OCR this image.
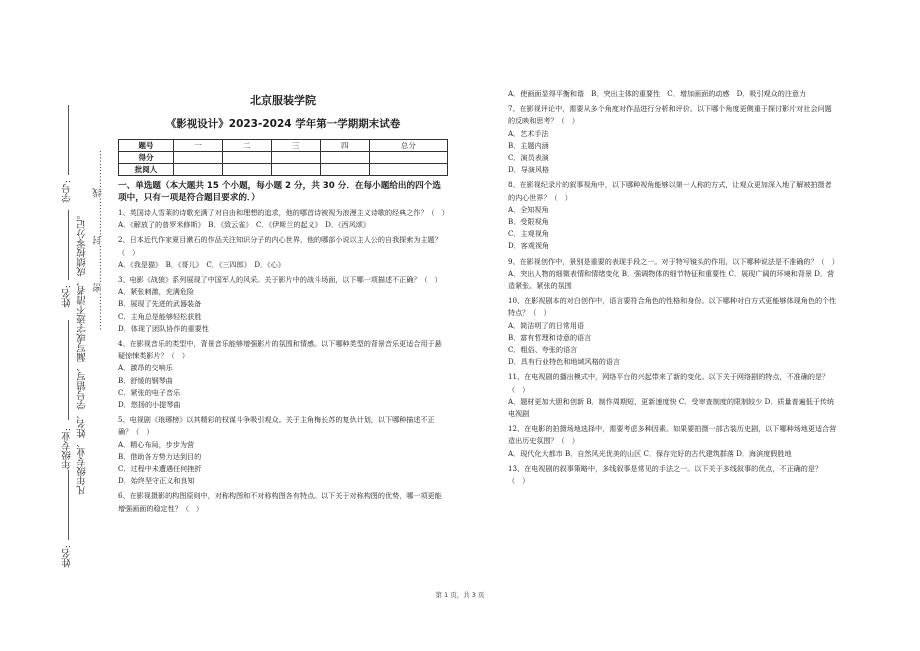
学号:
姓名:
年级专业:
姓名:
凡年级专业、姓名、学号错写、漏写或字迹不清者，成绩按零分记。 …………密…………封…………线…………
北京服装学院
《影视设计》2023-2024 学年第一学期期末试卷
题号	一	二	三	四	总分
得分					
批阅人					
一、单选题（本大题共 15 个小题，每小题 2 分，共 30 分．在每小题给出的四个选项中，只有一项是符合题目要求的．）

1、英国诗人雪莱的诗歌充满了对自由和理想的追求，他的哪首诗被视为浪漫主义诗歌的经典之作？（　）

A．《解放了的普罗米修斯》　B．《致云雀》　C．《伊斯兰的起义》　D．《西风颂》

2、日本近代作家夏目漱石的作品关注知识分子的内心世界，他的哪部小说以主人公的自我探索为主题？（　）

A．《我是猫》　B．《哥儿》　C．《三四郎》　D．《心》

3、电影《战狼》系列展现了中国军人的风采。关于影片中的战斗场面，以下哪一项描述不正确？（　）

A．紧张刺激，充满危险

B．展现了先进的武器装备

C．主角总是能够轻松获胜

D．体现了团队协作的重要性

4、在影视音乐的类型中，背景音乐能够增强影片的氛围和情感。以下哪种类型的背景音乐更适合用于悬疑惊悚类影片？（　）

A．激昂的交响乐

B．舒缓的钢琴曲

C．紧张的电子音乐

D．悠扬的小提琴曲

5、电视剧《琅琊榜》以其精彩的权谋斗争吸引观众。关于主角梅长苏的复仇计划，以下哪种描述不正确？（　）

A．精心布局，步步为营

B．借助各方势力达到目的

C．过程中未遭遇任何挫折

D．始终坚守正义和良知

6、在影视摄影的构图原则中，对称构图和不对称构图各有特点。以下关于对称构图的优势，哪一项更能增强画面的稳定性？（　）

A．使画面显得平衡和谐　B．突出主体的重要性　C．增加画面的动感　D．吸引观众的注意力

7、在影视评论中，需要从多个角度对作品进行分析和评价。以下哪个角度更侧重于探讨影片对社会问题的反映和思考？（　）

A．艺术手法

B．主题内涵

C．演员表演

D．导演风格

8、在影视纪录片的叙事视角中，以下哪种视角能够以第一人称的方式，让观众更加深入地了解被拍摄者的内心世界？（　）

A．全知视角

B．受限视角

C．主观视角

D．客观视角

9、在影视创作中，景别是重要的表现手段之一。对于特写镜头的作用，以下哪种说法是不准确的？（　）

A．突出人物的细微表情和情绪变化 B．强调物体的细节特征和重要性 C．展现广阔的环境和背景 D．营造紧张、紧张的氛围

10、在影视剧本的对白创作中，语言要符合角色的性格和身份。以下哪种对白方式更能够体现角色的个性特点？（　）

A．简洁明了的日常用语

B．富有哲理和诗意的语言

C．粗俗、夸张的语言

D．具有行业特色和地域风格的语言

11、在电视剧的播出模式中，网络平台的兴起带来了新的变化。以下关于网络剧的特点，不准确的是？（　）

A．题材更加大胆和创新 B．制作周期短，更新速度快 C．受审查制度的限制较少 D．质量普遍低于传统电视剧

12、在电影的拍摄场地选择中，需要考虑多种因素。如果要拍摄一部古装历史剧，以下哪种场地更适合营造出历史氛围？（　）

A．现代化大都市 B．自然风光优美的山区 C．保存完好的古代建筑群落 D．海滨度假胜地

13、在电视剧的叙事策略中，多线叙事是常见的手法之一。以下关于多线叙事的优点，不正确的是？（　）

第 1 页，共 3 页
